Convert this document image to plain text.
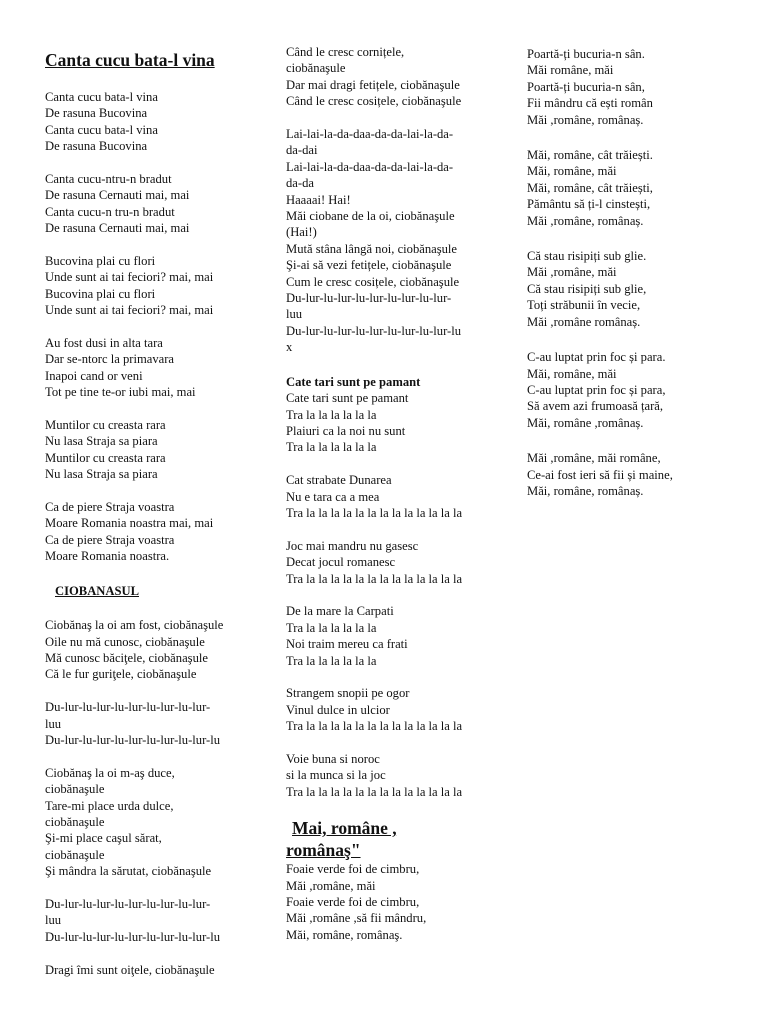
Canta cucu bata-l vina
Canta cucu bata-l vina
De rasuna Bucovina
Canta cucu bata-l vina
De rasuna Bucovina
Canta cucu-ntru-n bradut
De rasuna Cernauti mai, mai
Canta cucu-n tru-n bradut
De rasuna Cernauti mai, mai
Bucovina plai cu flori
Unde sunt ai tai feciori? mai, mai
Bucovina plai cu flori
Unde sunt ai tai feciori? mai, mai
Au fost dusi in alta tara
Dar se-ntorc la primavara
Inapoi cand or veni
Tot pe tine te-or iubi mai, mai
Muntilor cu creasta rara
Nu lasa Straja sa piara
Muntilor cu creasta rara
Nu lasa Straja sa piara
Ca de piere Straja voastra
Moare Romania noastra mai, mai
Ca de piere Straja voastra
Moare Romania noastra.
CIOBANASUL
Ciobănaş la oi am fost, ciobănaşule
Oile nu mă cunosc, ciobănaşule
Mă cunosc băciţele, ciobănaşule
Că le fur guriţele, ciobănaşule
Du-lur-lu-lur-lu-lur-lu-lur-lu-lur-
luu
Du-lur-lu-lur-lu-lur-lu-lur-lu-lur-lu
Ciobănaş la oi m-aş duce,
ciobănaşule
Tare-mi place urda dulce,
ciobănaşule
Şi-mi place caşul sărat,
ciobănaşule
Şi mândra la sărutat, ciobănaşule
Du-lur-lu-lur-lu-lur-lu-lur-lu-lur-
luu
Du-lur-lu-lur-lu-lur-lu-lur-lu-lur-lu
Dragi îmi sunt oiţele, ciobănaşule
Când le cresc cornițele,
ciobănaşule
Dar mai dragi fetițele, ciobănaşule
Când le cresc cosițele, ciobănaşule
Lai-lai-la-da-daa-da-da-lai-la-da-
da-dai
Lai-lai-la-da-daa-da-da-lai-la-da-
da-da
Haaaai! Hai!
Măi ciobane de la oi, ciobănaşule
(Hai!)
Mută stâna lângă noi, ciobănaşule
Şi-ai să vezi fetițele, ciobănaşule
Cum le cresc cosițele, ciobănaşule
Du-lur-lu-lur-lu-lur-lu-lur-lu-lur-
luu
Du-lur-lu-lur-lu-lur-lu-lur-lu-lur-lu
x
Cate tari sunt pe pamant
Cate tari sunt pe pamant
Tra la la la la la la
Plaiuri ca la noi nu sunt
Tra la la la la la la
Cat strabate Dunarea
Nu e tara ca a mea
Tra la la la la la la la la la la la la la
Joc mai mandru nu gasesc
Decat jocul romanesc
Tra la la la la la la la la la la la la la
De la mare la Carpati
Tra la la la la la la
Noi traim mereu ca frati
Tra la la la la la la
Strangem snopii pe ogor
Vinul dulce in ulcior
Tra la la la la la la la la la la la la la
Voie buna si noroc
si la munca si la joc
Tra la la la la la la la la la la la la la
Mai, române ,
românaş"
Foaie verde foi de cimbru,
Măi ,române, măi
Foaie verde foi de cimbru,
Măi ,române ,să fii mândru,
Măi, române, românaş.
Poartă-ți bucuria-n sân.
Măi române, măi
Poartă-ți bucuria-n sân,
Fii mândru că ești român
Măi ,române, românaș.
Măi, române, cât trăiești.
Măi, române, măi
Măi, române, cât trăiești,
Pământu să ți-l cinstești,
Măi ,române, românaș.
Că stau risipiți sub glie.
Măi ,române, măi
Că stau risipiți sub glie,
Toți străbunii în vecie,
Măi ,române românaș.
C-au luptat prin foc și para.
Măi, române, măi
C-au luptat prin foc și para,
Să avem azi frumoasă țară,
Măi, române ,românaș.
Măi ,române, măi române,
Ce-ai fost ieri să fii și maine,
Măi, române, românaș.
